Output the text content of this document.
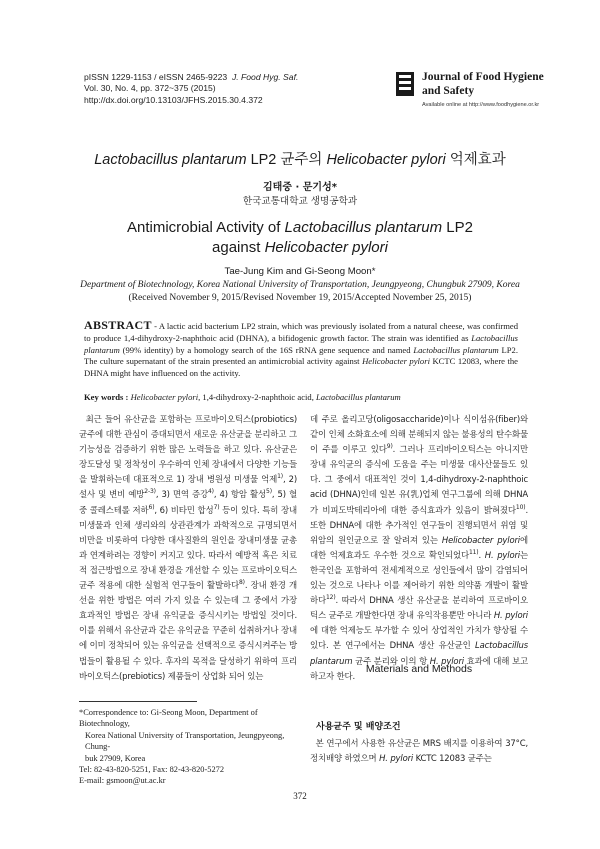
pISSN 1229-1153 / eISSN 2465-9223 J. Food Hyg. Saf.
Vol. 30, No. 4, pp. 372~375 (2015)
http://dx.doi.org/10.13103/JFHS.2015.30.4.372
Journal of Food Hygiene
and Safety
Available online at http://www.foodhygiene.or.kr
Lactobacillus plantarum LP2 균주의 Helicobacter pylori 억제효과
김태중 · 문기성*
한국교통대학교 생명공학과
Antimicrobial Activity of Lactobacillus plantarum LP2
against Helicobacter pylori
Tae-Jung Kim and Gi-Seong Moon*
Department of Biotechnology, Korea National University of Transportation, Jeungpyeong, Chungbuk 27909, Korea
(Received November 9, 2015/Revised November 19, 2015/Accepted November 25, 2015)
ABSTRACT - A lactic acid bacterium LP2 strain, which was previously isolated from a natural cheese, was confirmed to produce 1,4-dihydroxy-2-naphthoic acid (DHNA), a bifidogenic growth factor. The strain was identified as Lactobacillus plantarum (99% identity) by a homology search of the 16S rRNA gene sequence and named Lactobacillus plantarum LP2. The culture supernatant of the strain presented an antimicrobial activity against Helicobacter pylori KCTC 12083, where the DHNA might have influenced on the activity.
Key words : Helicobacter pylori, 1,4-dihydroxy-2-naphthoic acid, Lactobacillus plantarum
최근 들어 유산균을 포함하는 프로바이오틱스(probiotics) 균주에 대한 관심이 증대되면서 새로운 유산균을 분리하고 그 기능성을 검증하기 위한 많은 노력들을 하고 있다. 유산균은 장도달성 및 정착성이 우수하여 인체 장내에서 다양한 기능들을 발휘하는데 대표적으로 1) 장내 병원성 미생물 억제$^{1)}$, 2) 설사 및 변비 예방$^{2-3)}$, 3) 면역 증강$^{4)}$, 4) 항암 활성$^{5)}$, 5) 혈중 콜레스테롤 저하$^{6)}$, 6) 비타민 합성$^{7)}$ 등이 있다. 특히 장내미생물과 인체 생리와의 상관관계가 과학적으로 규명되면서 비만을 비롯하여 다양한 대사질환의 원인을 장내미생물 균총과 연계하려는 경향이 커지고 있다. 따라서 예방적 혹은 치료적 접근방법으로 장내 환경을 개선할 수 있는 프로바이오틱스 균주 적용에 대한 실험적 연구들이 활발하다$^{8)}$. 장내 환경 개선을 위한 방법은 여러 가지 있을 수 있는데 그 중에서 가장 효과적인 방법은 장내 유익균을 증식시키는 방법일 것이다. 이를 위해서 유산균과 같은 유익균을 꾸준히 섭취하거나 장내에 이미 정착되어 있는 유익균을 선택적으로 증식시켜주는 방법들이 활용될 수 있다. 후자의 목적을 달성하기 위하여 프리바이오틱스(prebiotics) 제품들이 상업화 되어 있는
데 주로 올리고당(oligosaccharide)이나 식이섬유(fiber)와 같이 인체 소화효소에 의해 분해되지 않는 불용성의 탄수화물이 주를 이루고 있다$^{9)}$. 그러나 프리바이오틱스는 아니지만 장내 유익균의 증식에 도움을 주는 미생물 대사산물들도 있다. 그 중에서 대표적인 것이 1,4-dihydroxy-2-naphthoic acid (DHNA)인데 일본 유(乳)업체 연구그룹에 의해 DHNA가 비피도박테리아에 대한 증식효과가 있음이 밝혀졌다$^{10)}$. 또한 DHNA에 대한 추가적인 연구들이 진행되면서 위염 및 위암의 원인균으로 잘 알려져 있는 Helicobacter pylori에 대한 억제효과도 우수한 것으로 확인되었다$^{11)}$. H. pylori는 한국인을 포함하여 전세계적으로 성인들에서 많이 감염되어 있는 것으로 나타나 이를 제어하기 위한 의약품 개발이 활발하다$^{12)}$. 따라서 DHNA 생산 유산균을 분리하여 프로바이오틱스 균주로 개발한다면 장내 유익작용뿐만 아니라 H. pylori에 대한 억제능도 부가할 수 있어 상업적인 가치가 향상될 수 있다. 본 연구에서는 DHNA 생산 유산균인 Lactobacillus plantarum 균주 분리와 이의 항 H. pylori 효과에 대해 보고하고자 한다.
Materials and Methods
사용균주 및 배양조건
본 연구에서 사용한 유산균은 MRS 배지를 이용하여 37°C, 정치배양 하였으며 H. pylori KCTC 12083 균주는
*Correspondence to: Gi-Seong Moon, Department of Biotechnology,
Korea National University of Transportation, Jeungpyeong, Chung-
buk 27909, Korea
Tel: 82-43-820-5251, Fax: 82-43-820-5272
E-mail: gsmoon@ut.ac.kr
372
